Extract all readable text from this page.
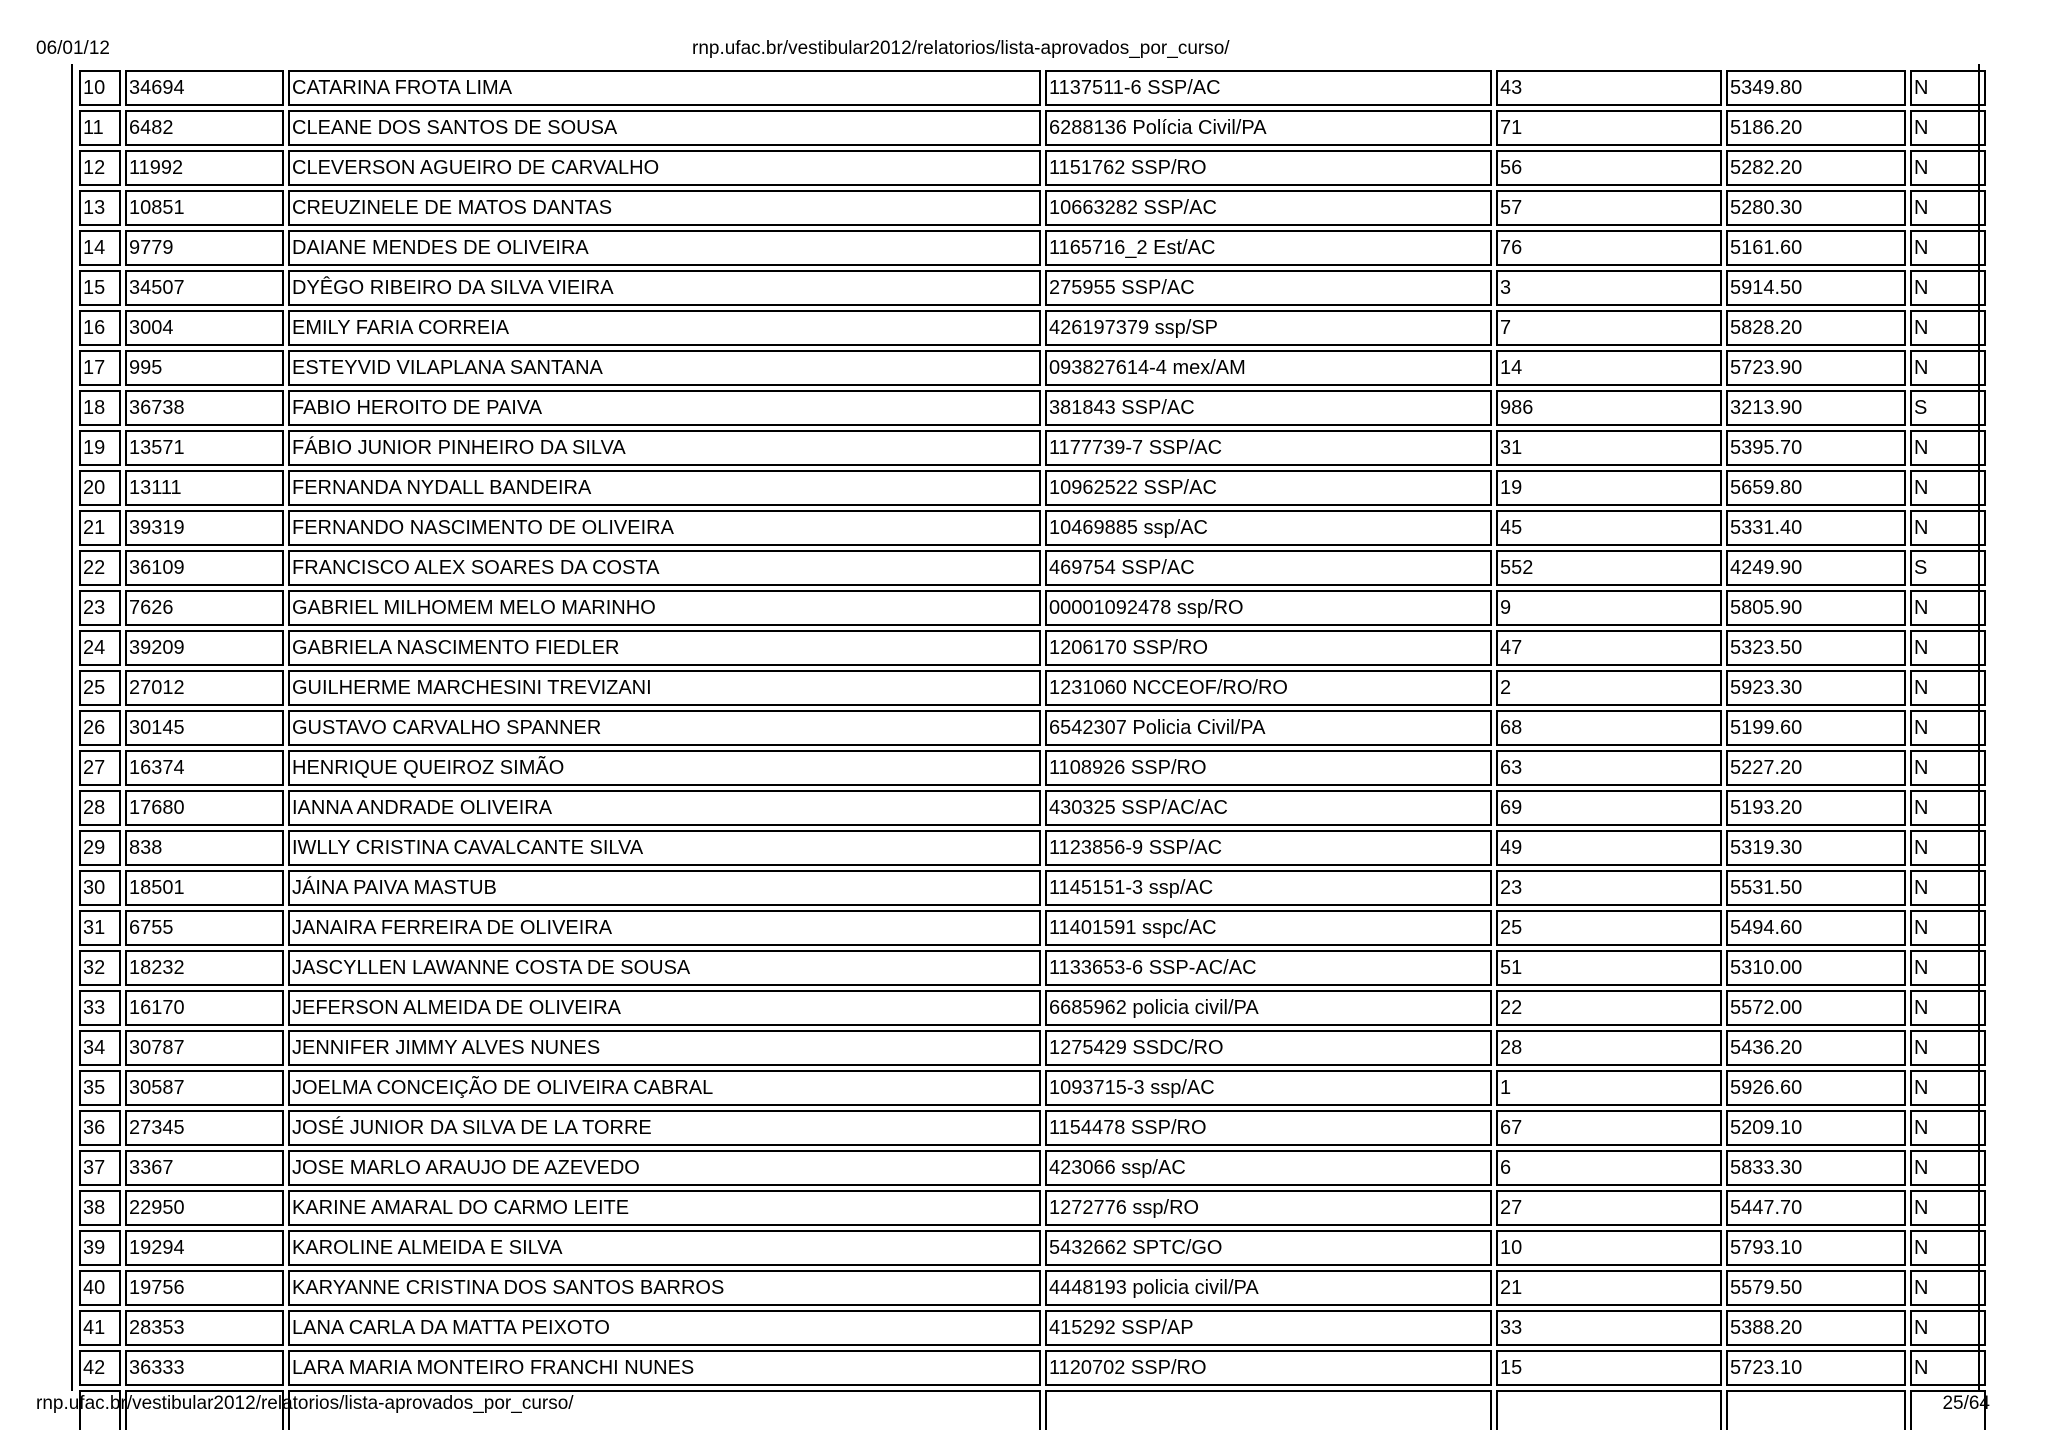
06/01/12	rnp.ufac.br/vestibular2012/relatorios/lista-aprovados_por_curso/
10	34694	CATARINA FROTA LIMA	1137511-6 SSP/AC	43	5349.80	N
11	6482	CLEANE DOS SANTOS DE SOUSA	6288136 Polícia Civil/PA	71	5186.20	N
12	11992	CLEVERSON AGUEIRO DE CARVALHO	1151762 SSP/RO	56	5282.20	N
13	10851	CREUZINELE DE MATOS DANTAS	10663282 SSP/AC	57	5280.30	N
14	9779	DAIANE MENDES DE OLIVEIRA	1165716_2 Est/AC	76	5161.60	N
15	34507	DYÊGO RIBEIRO DA SILVA VIEIRA	275955 SSP/AC	3	5914.50	N
16	3004	EMILY FARIA CORREIA	426197379 ssp/SP	7	5828.20	N
17	995	ESTEYVID VILAPLANA SANTANA	093827614-4 mex/AM	14	5723.90	N
18	36738	FABIO HEROITO DE PAIVA	381843 SSP/AC	986	3213.90	S
19	13571	FÁBIO JUNIOR PINHEIRO DA SILVA	1177739-7 SSP/AC	31	5395.70	N
20	13111	FERNANDA NYDALL BANDEIRA	10962522 SSP/AC	19	5659.80	N
21	39319	FERNANDO NASCIMENTO DE OLIVEIRA	10469885 ssp/AC	45	5331.40	N
22	36109	FRANCISCO ALEX SOARES DA COSTA	469754 SSP/AC	552	4249.90	S
23	7626	GABRIEL MILHOMEM MELO MARINHO	00001092478 ssp/RO	9	5805.90	N
24	39209	GABRIELA NASCIMENTO FIEDLER	1206170 SSP/RO	47	5323.50	N
25	27012	GUILHERME MARCHESINI TREVIZANI	1231060 NCCEOF/RO/RO	2	5923.30	N
26	30145	GUSTAVO CARVALHO SPANNER	6542307 Policia Civil/PA	68	5199.60	N
27	16374	HENRIQUE QUEIROZ SIMÃO	1108926 SSP/RO	63	5227.20	N
28	17680	IANNA ANDRADE OLIVEIRA	430325 SSP/AC/AC	69	5193.20	N
29	838	IWLLY CRISTINA CAVALCANTE SILVA	1123856-9 SSP/AC	49	5319.30	N
30	18501	JÁINA PAIVA MASTUB	1145151-3 ssp/AC	23	5531.50	N
31	6755	JANAIRA FERREIRA DE OLIVEIRA	11401591 sspc/AC	25	5494.60	N
32	18232	JASCYLLEN LAWANNE COSTA DE SOUSA	1133653-6 SSP-AC/AC	51	5310.00	N
33	16170	JEFERSON ALMEIDA DE OLIVEIRA	6685962 policia civil/PA	22	5572.00	N
34	30787	JENNIFER JIMMY ALVES NUNES	1275429 SSDC/RO	28	5436.20	N
35	30587	JOELMA CONCEIÇÃO DE OLIVEIRA CABRAL	1093715-3 ssp/AC	1	5926.60	N
36	27345	JOSÉ JUNIOR DA SILVA DE LA TORRE	1154478 SSP/RO	67	5209.10	N
37	3367	JOSE MARLO ARAUJO DE AZEVEDO	423066 ssp/AC	6	5833.30	N
38	22950	KARINE AMARAL DO CARMO LEITE	1272776 ssp/RO	27	5447.70	N
39	19294	KAROLINE ALMEIDA E SILVA	5432662 SPTC/GO	10	5793.10	N
40	19756	KARYANNE CRISTINA DOS SANTOS BARROS	4448193 policia civil/PA	21	5579.50	N
41	28353	LANA CARLA DA MATTA PEIXOTO	415292 SSP/AP	33	5388.20	N
42	36333	LARA MARIA MONTEIRO FRANCHI NUNES	1120702 SSP/RO	15	5723.10	N

rnp.ufac.br/vestibular2012/relatorios/lista-aprovados_por_curso/	25/64
